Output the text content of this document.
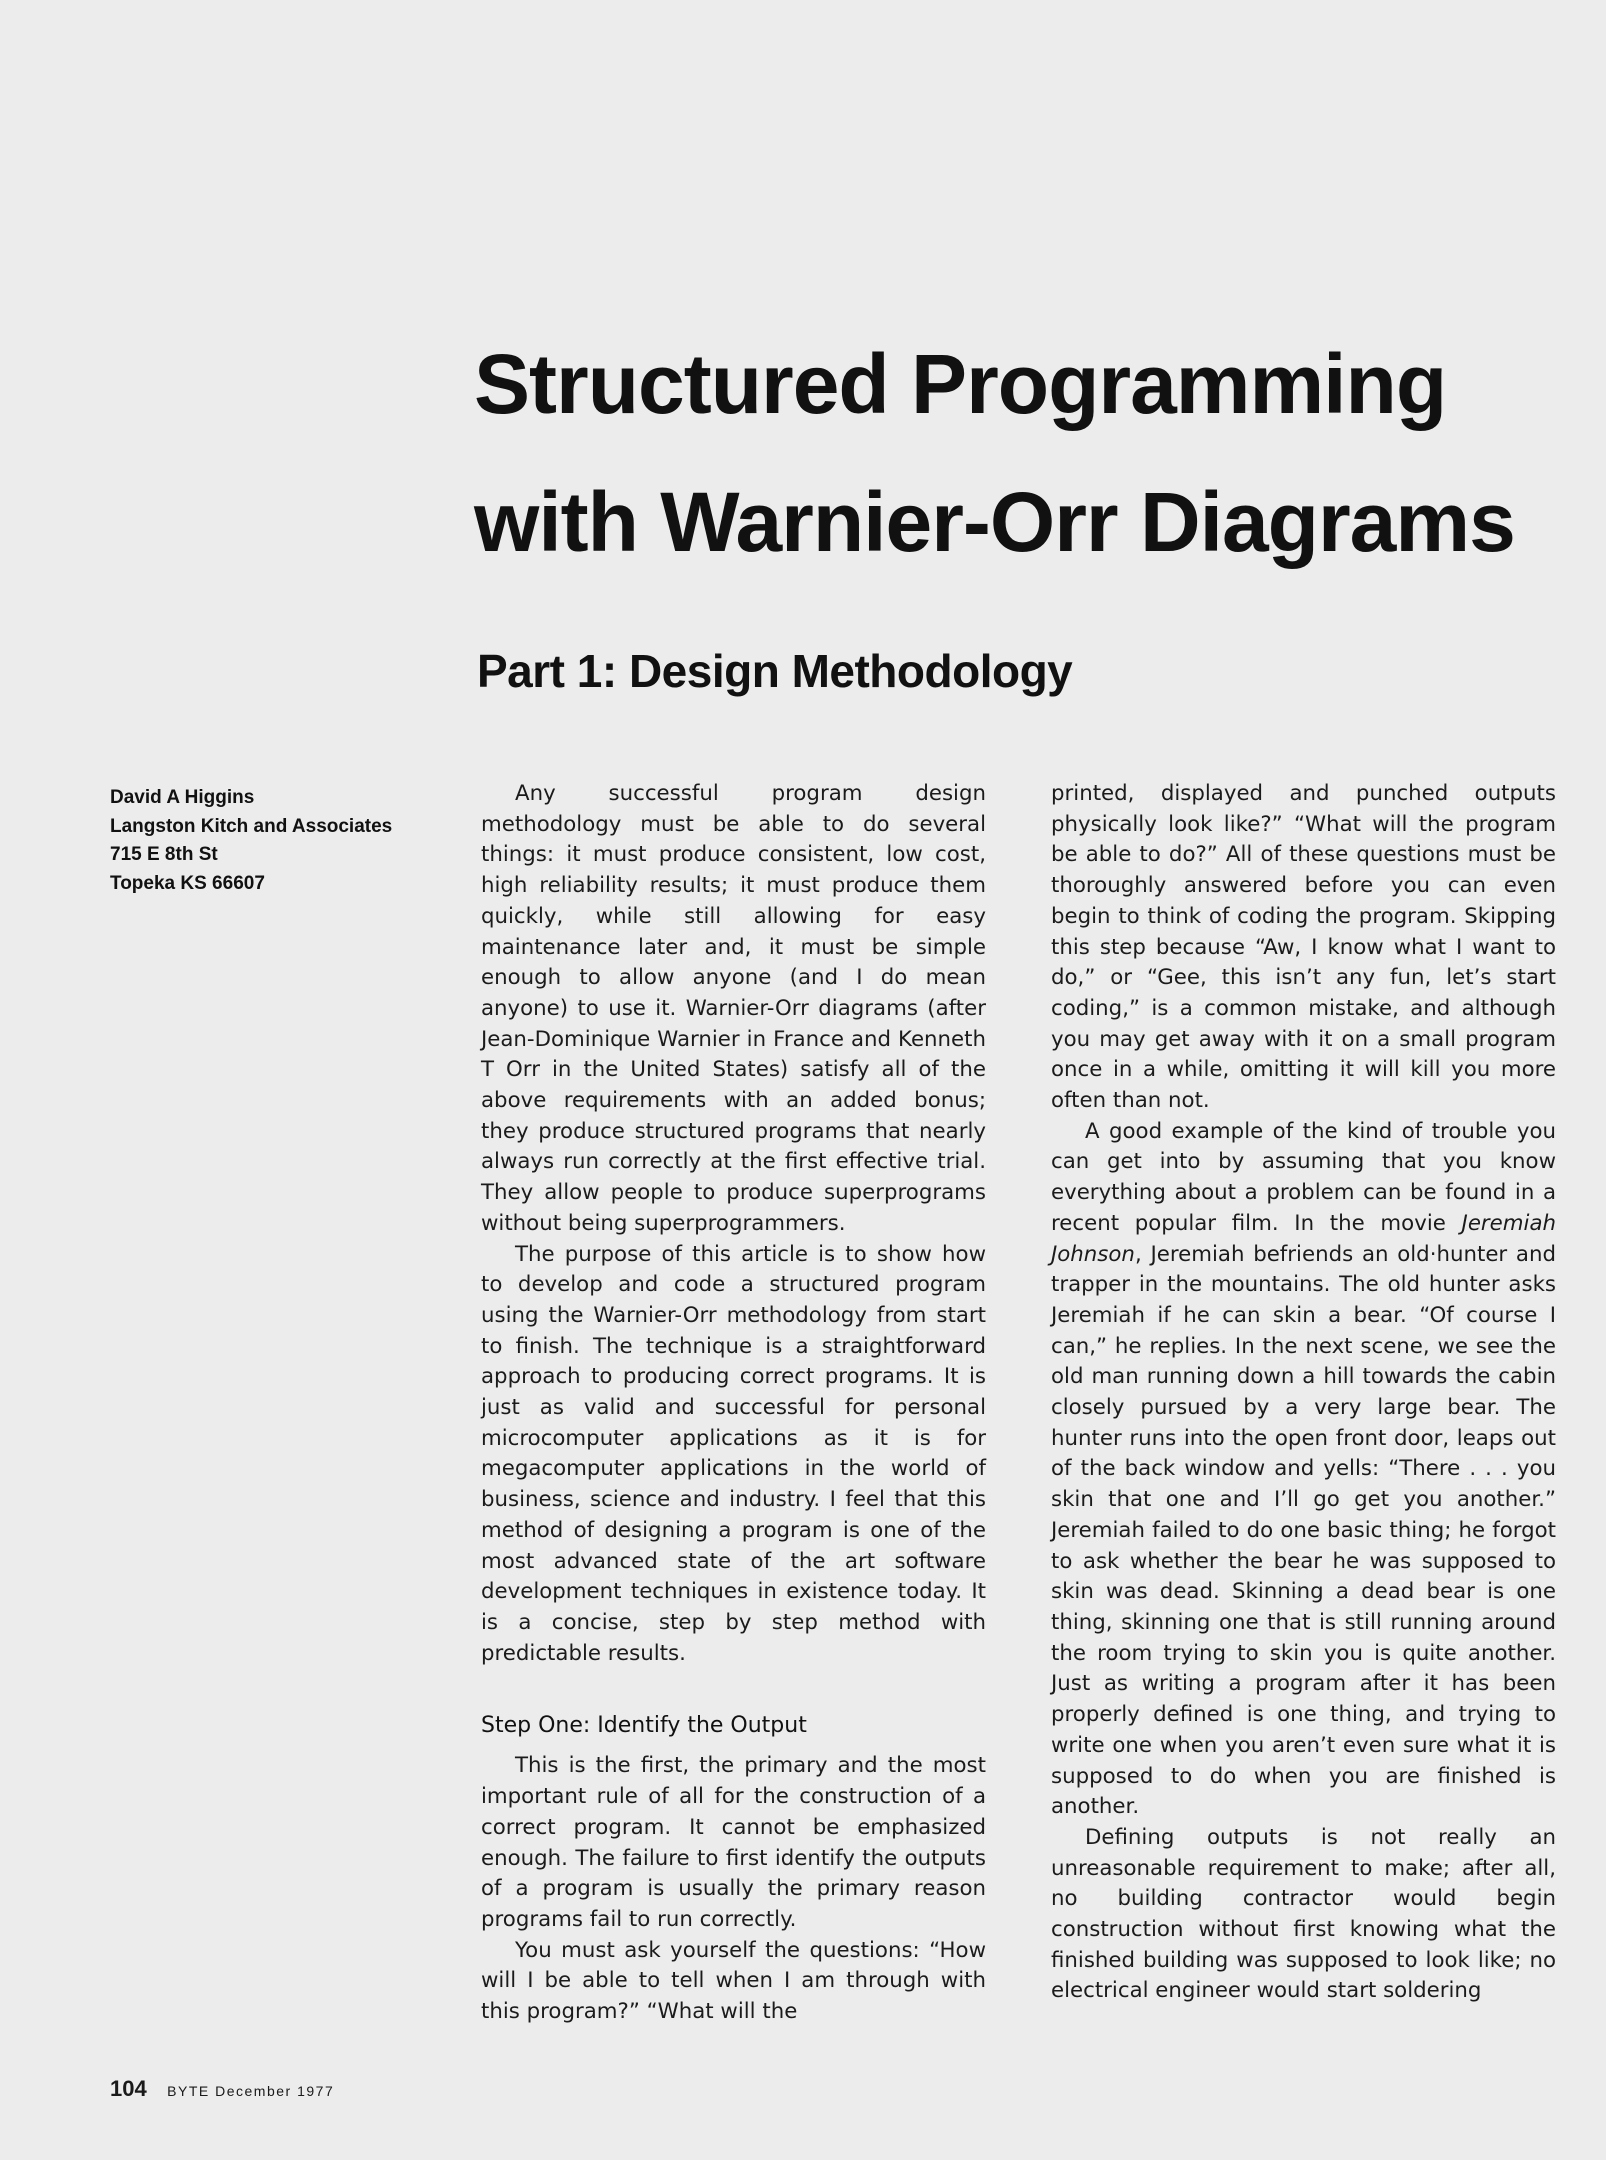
Structured Programming
with Warnier-Orr Diagrams
Part 1: Design Methodology
David A Higgins
Langston Kitch and Associates
715 E 8th St
Topeka KS 66607

Any successful program design methodology must be able to do several things: it must produce consistent, low cost, high reliability results; it must produce them quickly, while still allowing for easy maintenance later and, it must be simple enough to allow anyone (and I do mean anyone) to use it. Warnier-Orr diagrams (after Jean-Dominique Warnier in France and Kenneth T Orr in the United States) satisfy all of the above requirements with an added bonus; they produce structured programs that nearly always run correctly at the first effective trial. They allow people to produce superprograms without being superprogrammers.

The purpose of this article is to show how to develop and code a structured program using the Warnier-Orr methodology from start to finish. The technique is a straightforward approach to producing correct programs. It is just as valid and successful for personal microcomputer applications as it is for megacomputer applications in the world of business, science and industry. I feel that this method of designing a program is one of the most advanced state of the art software development techniques in existence today. It is a concise, step by step method with predictable results.

Step One: Identify the Output

This is the first, the primary and the most important rule of all for the construction of a correct program. It cannot be emphasized enough. The failure to first identify the outputs of a program is usually the primary reason programs fail to run correctly.

You must ask yourself the questions: “How will I be able to tell when I am through with this program?” “What will the

printed, displayed and punched outputs physically look like?” “What will the program be able to do?” All of these questions must be thoroughly answered before you can even begin to think of coding the program. Skipping this step because “Aw, I know what I want to do,” or “Gee, this isn’t any fun, let’s start coding,” is a common mistake, and although you may get away with it on a small program once in a while, omitting it will kill you more often than not.

A good example of the kind of trouble you can get into by assuming that you know everything about a problem can be found in a recent popular film. In the movie Jeremiah Johnson, Jeremiah befriends an old·hunter and trapper in the mountains. The old hunter asks Jeremiah if he can skin a bear. “Of course I can,” he replies. In the next scene, we see the old man running down a hill towards the cabin closely pursued by a very large bear. The hunter runs into the open front door, leaps out of the back window and yells: “There . . . you skin that one and I’ll go get you another.” Jeremiah failed to do one basic thing; he forgot to ask whether the bear he was supposed to skin was dead. Skinning a dead bear is one thing, skinning one that is still running around the room trying to skin you is quite another. Just as writing a program after it has been properly defined is one thing, and trying to write one when you aren’t even sure what it is supposed to do when you are finished is another.

Defining outputs is not really an unreasonable requirement to make; after all, no building contractor would begin construction without first knowing what the finished building was supposed to look like; no electrical engineer would start soldering

104 BYTE December 1977
